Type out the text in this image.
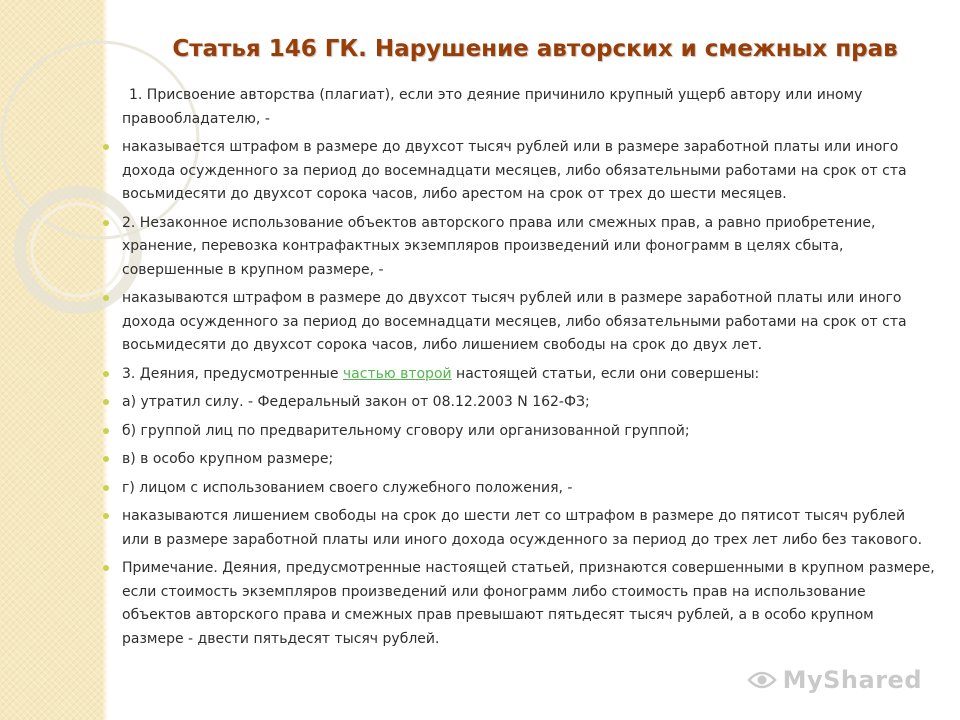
Статья 146 ГК. Нарушение авторских и смежных прав
1. Присвоение авторства (плагиат), если это деяние причинило крупный ущерб автору или иному правообладателю, -
наказывается штрафом в размере до двухсот тысяч рублей или в размере заработной платы или иного дохода осужденного за период до восемнадцати месяцев, либо обязательными работами на срок от ста восьмидесяти до двухсот сорока часов, либо арестом на срок от трех до шести месяцев.
2. Незаконное использование объектов авторского права или смежных прав, а равно приобретение, хранение, перевозка контрафактных экземпляров произведений или фонограмм в целях сбыта, совершенные в крупном размере, -
наказываются штрафом в размере до двухсот тысяч рублей или в размере заработной платы или иного дохода осужденного за период до восемнадцати месяцев, либо обязательными работами на срок от ста восьмидесяти до двухсот сорока часов, либо лишением свободы на срок до двух лет.
3. Деяния, предусмотренные частью второй настоящей статьи, если они совершены:
а) утратил силу. - Федеральный закон от 08.12.2003 N 162-ФЗ;
б) группой лиц по предварительному сговору или организованной группой;
в) в особо крупном размере;
г) лицом с использованием своего служебного положения, -
наказываются лишением свободы на срок до шести лет со штрафом в размере до пятисот тысяч рублей или в размере заработной платы или иного дохода осужденного за период до трех лет либо без такового.
Примечание. Деяния, предусмотренные настоящей статьей, признаются совершенными в крупном размере, если стоимость экземпляров произведений или фонограмм либо стоимость прав на использование объектов авторского права и смежных прав превышают пятьдесят тысяч рублей, а в особо крупном размере - двести пятьдесят тысяч рублей.
MyShared
